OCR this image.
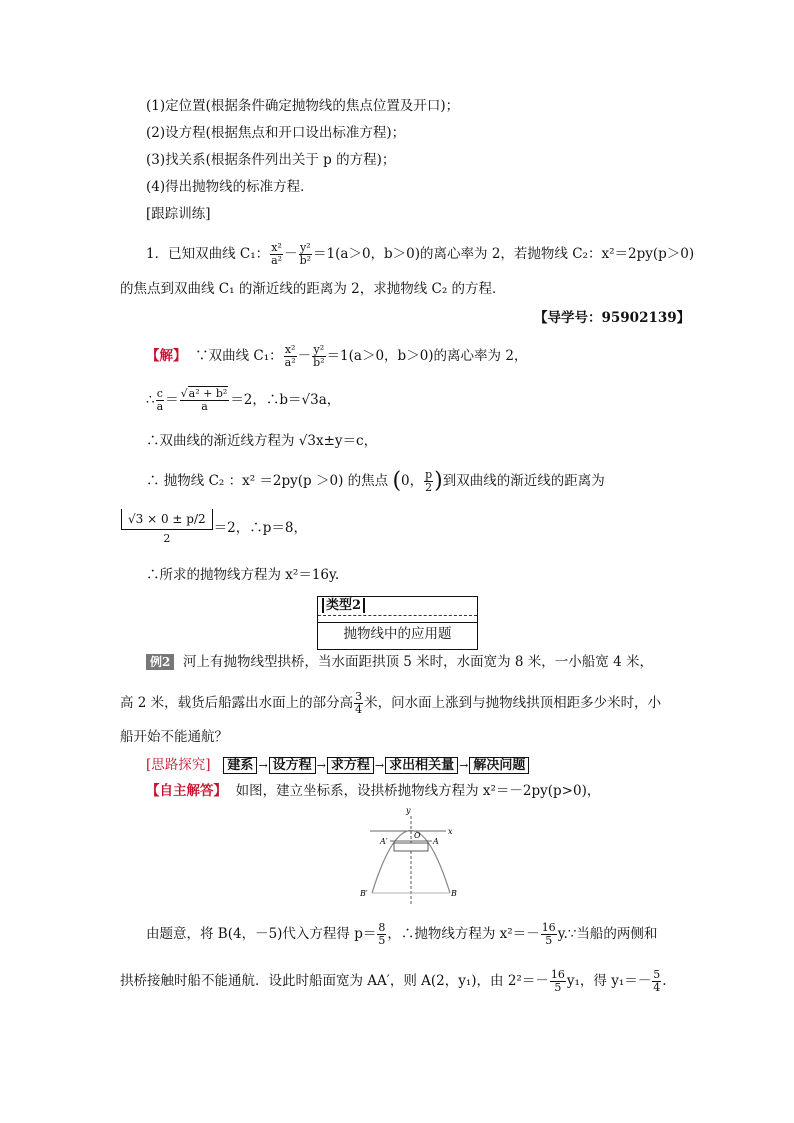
(1)定位置(根据条件确定抛物线的焦点位置及开口)；
(2)设方程(根据焦点和开口设出标准方程)；
(3)找关系(根据条件列出关于 p 的方程)；
(4)得出抛物线的标准方程．
[跟踪训练]
1．已知双曲线 C₁： $\frac{\text{x²}}{\text{a²}} - \frac{\text{y²}}{\text{b²}} =1(a>0$，b＞0)的离心率为 2，若抛物线 C₂：x²＝2py(p＞0)
的焦点到双曲线 C₁ 的渐近线的距离为 2，求抛物线 C₂ 的方程．
【导学号：95902139】
【解】 ∵双曲线 C₁： $\frac{\text{x²}}{\text{a²}} - \frac{\text{y²}}{\text{b²}} =1(a>0$，b＞0)的离心率为 2，
∴ $\frac{c}{a} = \frac{\text{√a² + b²}}{a} =2$，∴b＝√3a，
∴双曲线的渐近线方程为 √3x±y＝c，
∴ 抛物线 C₂ ：x² ＝2py(p ＞0) 的焦点 (0， $\frac{p}{2}$ )到双曲线的渐近线的距离为
$\frac{√3 \times 0 \pm p/2}{2} =2$，∴p＝8，
∴所求的抛物线方程为 x²＝16y.
类型2
抛物线中的应用题
例2 河上有抛物线型拱桥，当水面距拱顶 5 米时，水面宽为 8 米，一小船宽 4 米，
高 2 米，载货后船露出水面上的部分高 $\frac{3}{4}$ 米，问水面上涨到与抛物线拱顶相距多少米时，小
船开始不能通航？
[思路探究] 建系 → 设方程 → 求方程 → 求出相关量 → 解决问题
【自主解答】 如图，建立坐标系，设拱桥抛物线方程为 x²＝－2py(p>0)，
y
x
O
A
A′
B
B′
由题意，将 B(4，－5)代入方程得 $p= \frac{8}{5}$ ，∴抛物线方程为 $x^2=- \frac{16}{5}$ y.∵当船的两侧和
拱桥接触时船不能通航．设此时船面宽为 AA′，则 A(2，y₁)，由 $2^2=- \frac{16}{5} y_1$，得 $y_1=- \frac{5}{4}$ .
